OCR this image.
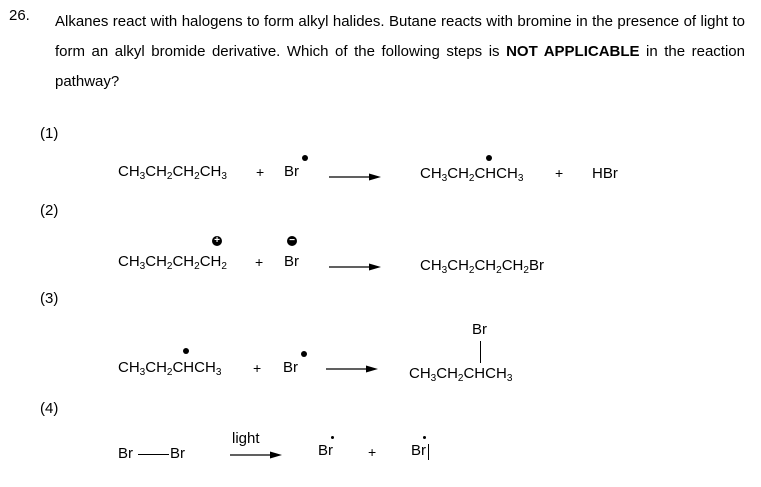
26. Alkanes react with halogens to form alkyl halides. Butane reacts with bromine in the presence of light to form an alkyl bromide derivative. Which of the following steps is NOT APPLICABLE in the reaction pathway?
(1)
$CH_3CH_2CH_2CH_3 + Br$	$CH_3CH_2CHCH_3$ + HBr
(2)
+	−
$CH_3CH_2CH_2CH_2 + Br$	$CH_3CH_2CH_2CH_2Br$
(3)
$CH_3CH_2CHCH_3 + Br$
Br
$CH_3CH_2CHCH_3$
(4)
Br Br
light
Br	+ Br
